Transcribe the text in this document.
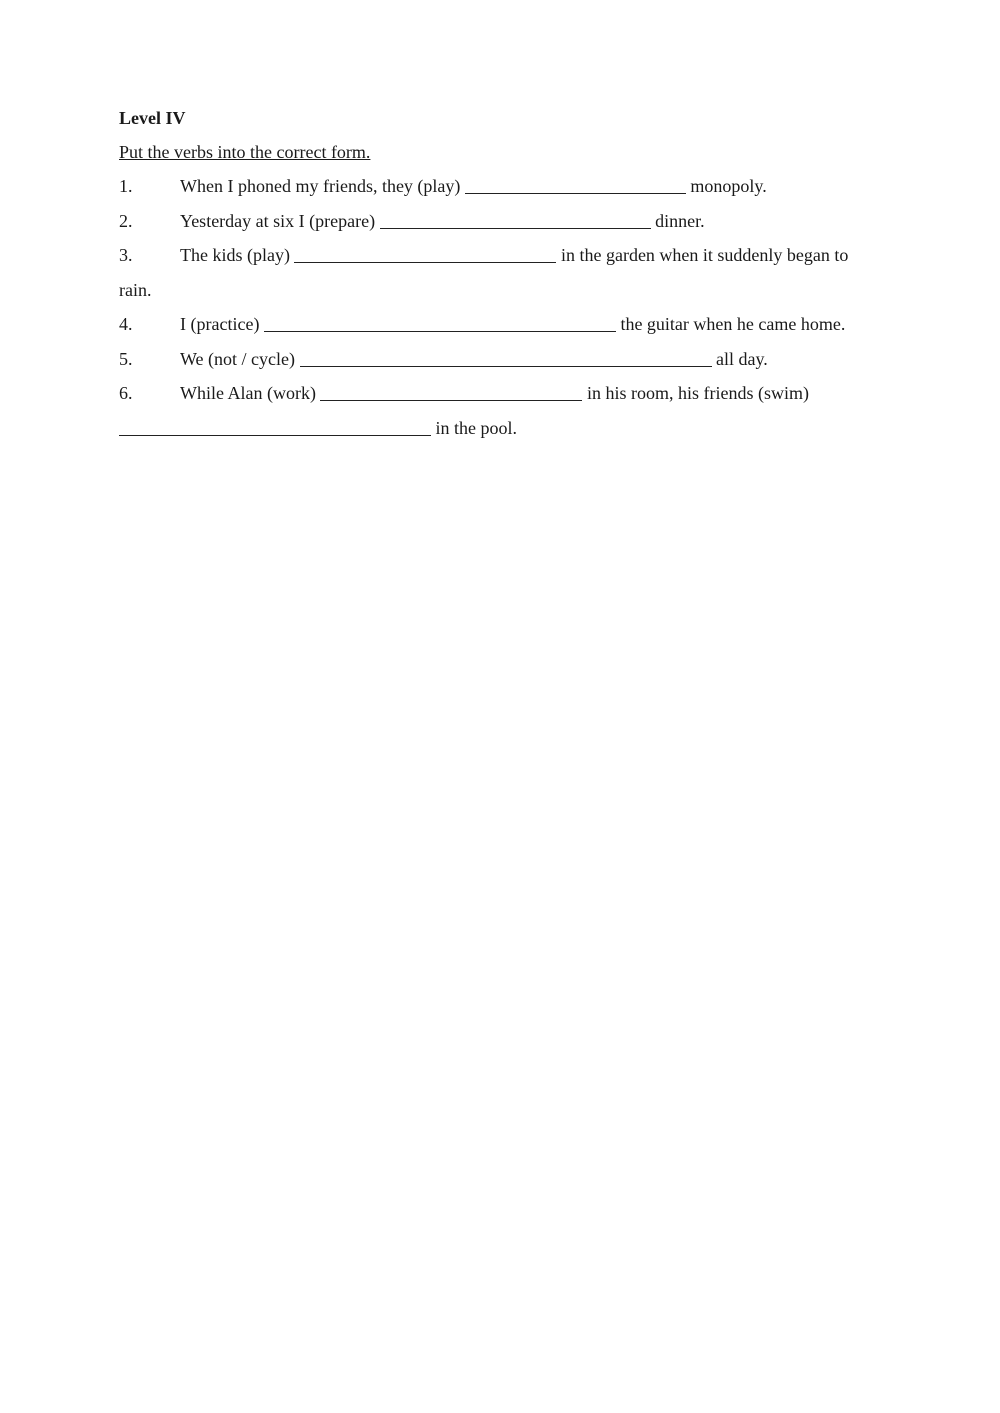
Level IV
Put the verbs into the correct form.
1.	When I phoned my friends, they (play)	monopoly.
2.	Yesterday at six I (prepare)	dinner.
3.	The kids (play)	in the garden when it suddenly began to
rain.
4.	I (practice)	the guitar when he came home.
5.	We (not / cycle)	all day.
6.	While Alan (work)	in his room, his friends (swim)
in the pool.
